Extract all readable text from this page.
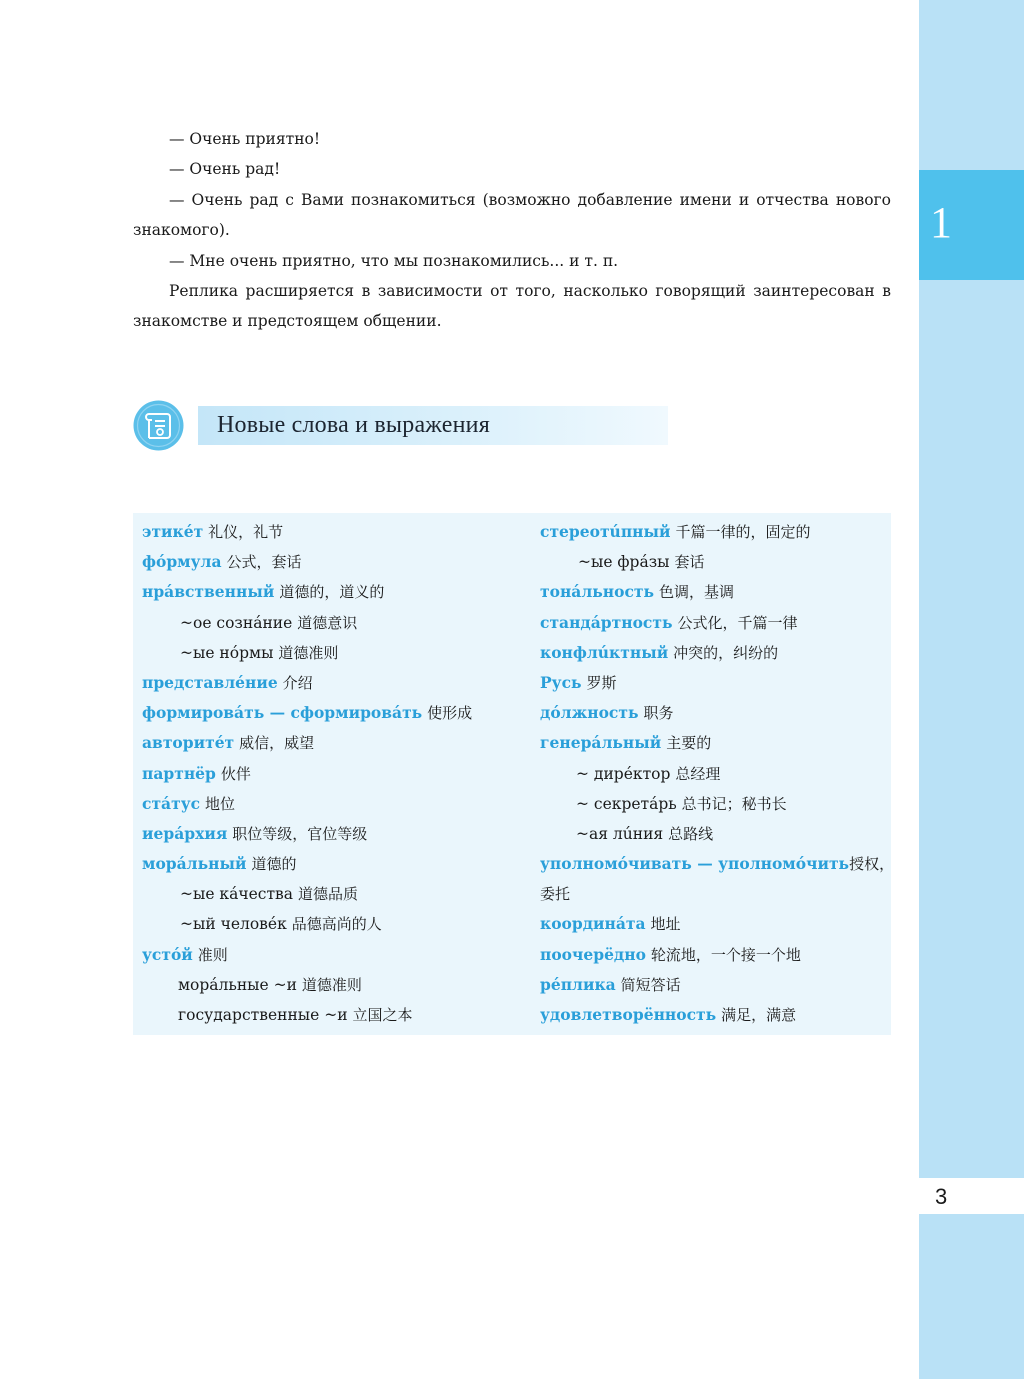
1
3

— Очень приятно!

— Очень рад!

— Очень рад с Вами познакомиться (возможно добавление имени и отчества нового знакомого).

— Мне очень приятно, что мы познакомились... и т. п.

Реплика расширяется в зависимости от того, насколько говорящий заинтересован в знакомстве и предстоящем общении.

Новые слова и выражения
этикéт 礼仪，礼节
фóрмула 公式，套话
нрáвственный 道德的，道义的
~ое сознáние 道德意识
~ые нóрмы 道德准则
представлéние 介绍
формировáть — сформировáть 使形成
авторитéт 威信，威望
партнёр 伙伴
стáтус 地位
иерáрхия 职位等级，官位等级
морáльный 道德的
~ые кáчества 道德品质
~ый человéк 品德高尚的人
устóй 准则
морáльные ~и 道德准则
государственные ~и 立国之本
стереотúпный 千篇一律的，固定的
~ые фрáзы 套话
тонáльность 色调，基调
стандáртность 公式化，千篇一律
конфлúктный 冲突的，纠纷的
Русь 罗斯
дóлжность 职务
генерáльный 主要的
~ дирéктор 总经理
~ секретáрь 总书记；秘书长
~ая лúния 总路线
уполномóчивать — уполномóчить 授权，
委托
координáта 地址
поочерёдно 轮流地，一个接一个地
рéплика 简短答话
удовлетворённость 满足，满意
